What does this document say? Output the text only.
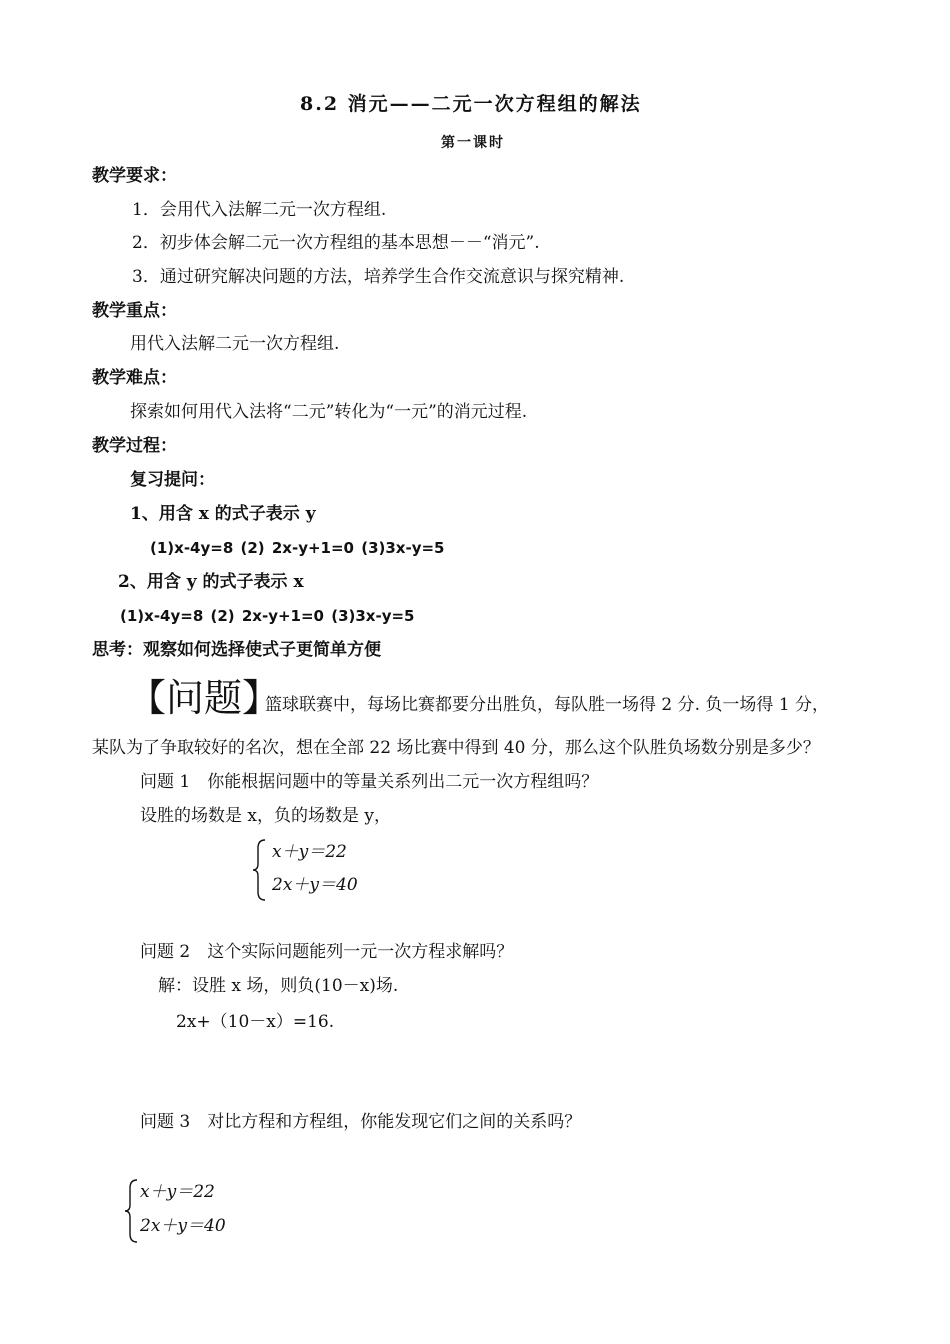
8.2 消元——二元一次方程组的解法
第一课时
教学要求：
1．会用代入法解二元一次方程组.
2．初步体会解二元一次方程组的基本思想－－“消元”.
3．通过研究解决问题的方法，培养学生合作交流意识与探究精神.
教学重点：
用代入法解二元一次方程组.
教学难点：
探索如何用代入法将“二元”转化为“一元”的消元过程.
教学过程：
复习提问：
1、用含 x 的式子表示 y
(1)x-4y=8 (2) 2x-y+1=0 (3)3x-y=5
2、用含 y 的式子表示 x
(1)x-4y=8 (2) 2x-y+1=0 (3)3x-y=5
思考：观察如何选择使式子更简单方便
【问题】
篮球联赛中，每场比赛都要分出胜负，每队胜一场得 2 分. 负一场得 1 分，
某队为了争取较好的名次，想在全部 22 场比赛中得到 40 分，那么这个队胜负场数分别是多少？
问题 1　你能根据问题中的等量关系列出二元一次方程组吗？
设胜的场数是 x，负的场数是 y，
x＋y＝22
2x＋y＝40
问题 2　这个实际问题能列一元一次方程求解吗？
解：设胜 x 场，则负(10－x)场.
2x+（10－x）=16.
问题 3　对比方程和方程组，你能发现它们之间的关系吗？
x＋y＝22
2x＋y＝40
